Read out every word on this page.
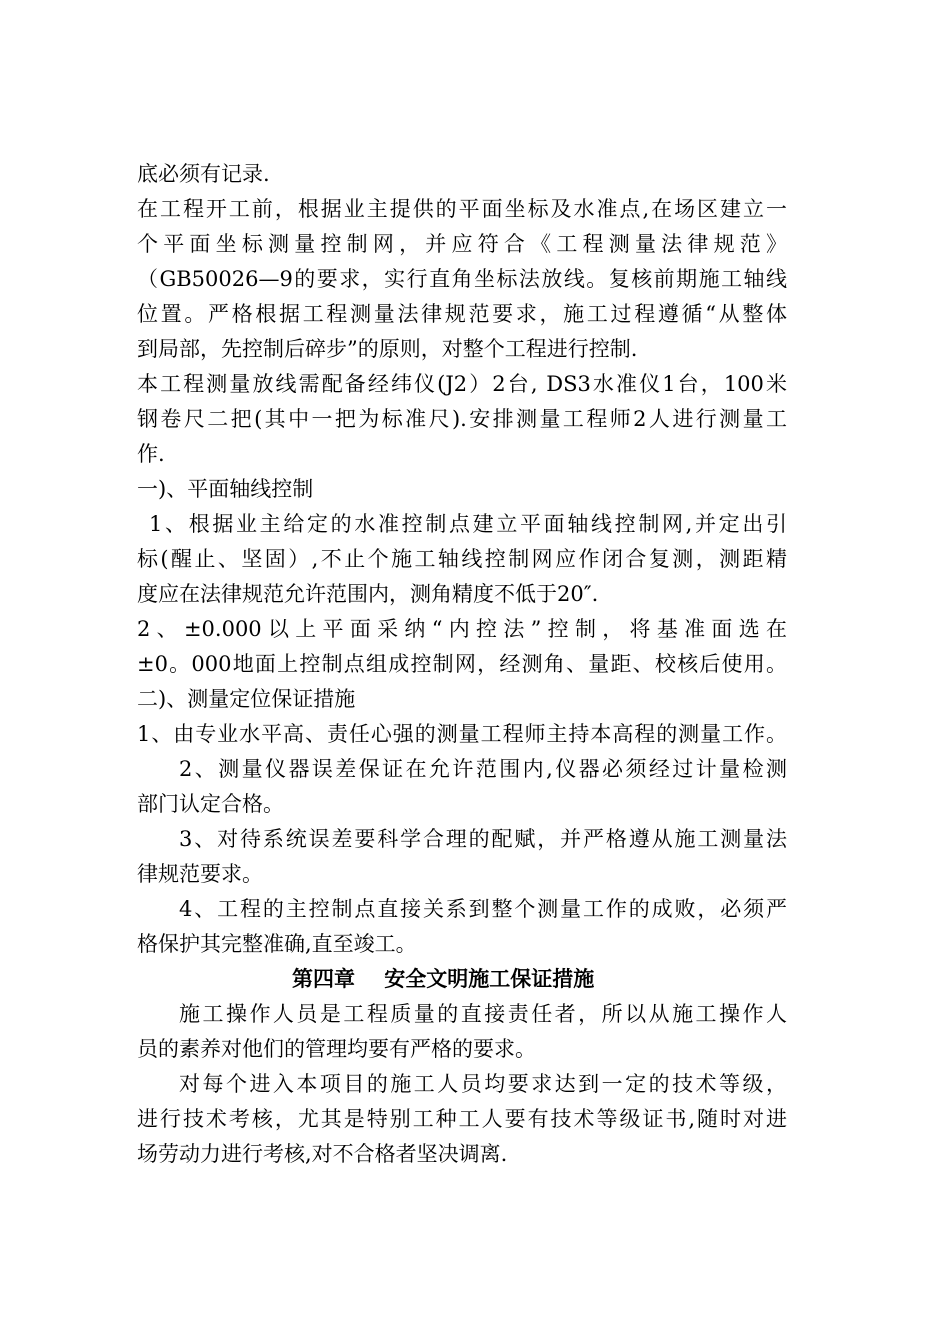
底必须有记录.

在工程开工前，根据业主提供的平面坐标及水准点,在场区建立一

个平面坐标测量控制网，并应符合《工程测量法律规范》

（GB50026—9的要求，实行直角坐标法放线。复核前期施工轴线

位置。严格根据工程测量法律规范要求，施工过程遵循“从整体

到局部，先控制后碎步”的原则，对整个工程进行控制.

本工程测量放线需配备经纬仪(J2）2台, DS3水准仪1台，100米

钢卷尺二把(其中一把为标准尺).安排测量工程师2人进行测量工

作.

一)、平面轴线控制

1、根据业主给定的水准控制点建立平面轴线控制网,并定出引

标(醒止、坚固）,不止个施工轴线控制网应作闭合复测，测距精

度应在法律规范允许范围内，测角精度不低于20″.

2、±0.000以上平面采纳“内控法”控制，将基准面选在

±0。000地面上控制点组成控制网，经测角、量距、校核后使用。

二)、测量定位保证措施

1、由专业水平高、责任心强的测量工程师主持本高程的测量工作。

2、测量仪器误差保证在允许范围内,仪器必须经过计量检测

部门认定合格。

3、对待系统误差要科学合理的配赋，并严格遵从施工测量法

律规范要求。

4、工程的主控制点直接关系到整个测量工作的成败，必须严

格保护其完整准确,直至竣工。

第四章    安全文明施工保证措施

施工操作人员是工程质量的直接责任者，所以从施工操作人

员的素养对他们的管理均要有严格的要求。

对每个进入本项目的施工人员均要求达到一定的技术等级，

进行技术考核，尤其是特别工种工人要有技术等级证书,随时对进

场劳动力进行考核,对不合格者坚决调离.
